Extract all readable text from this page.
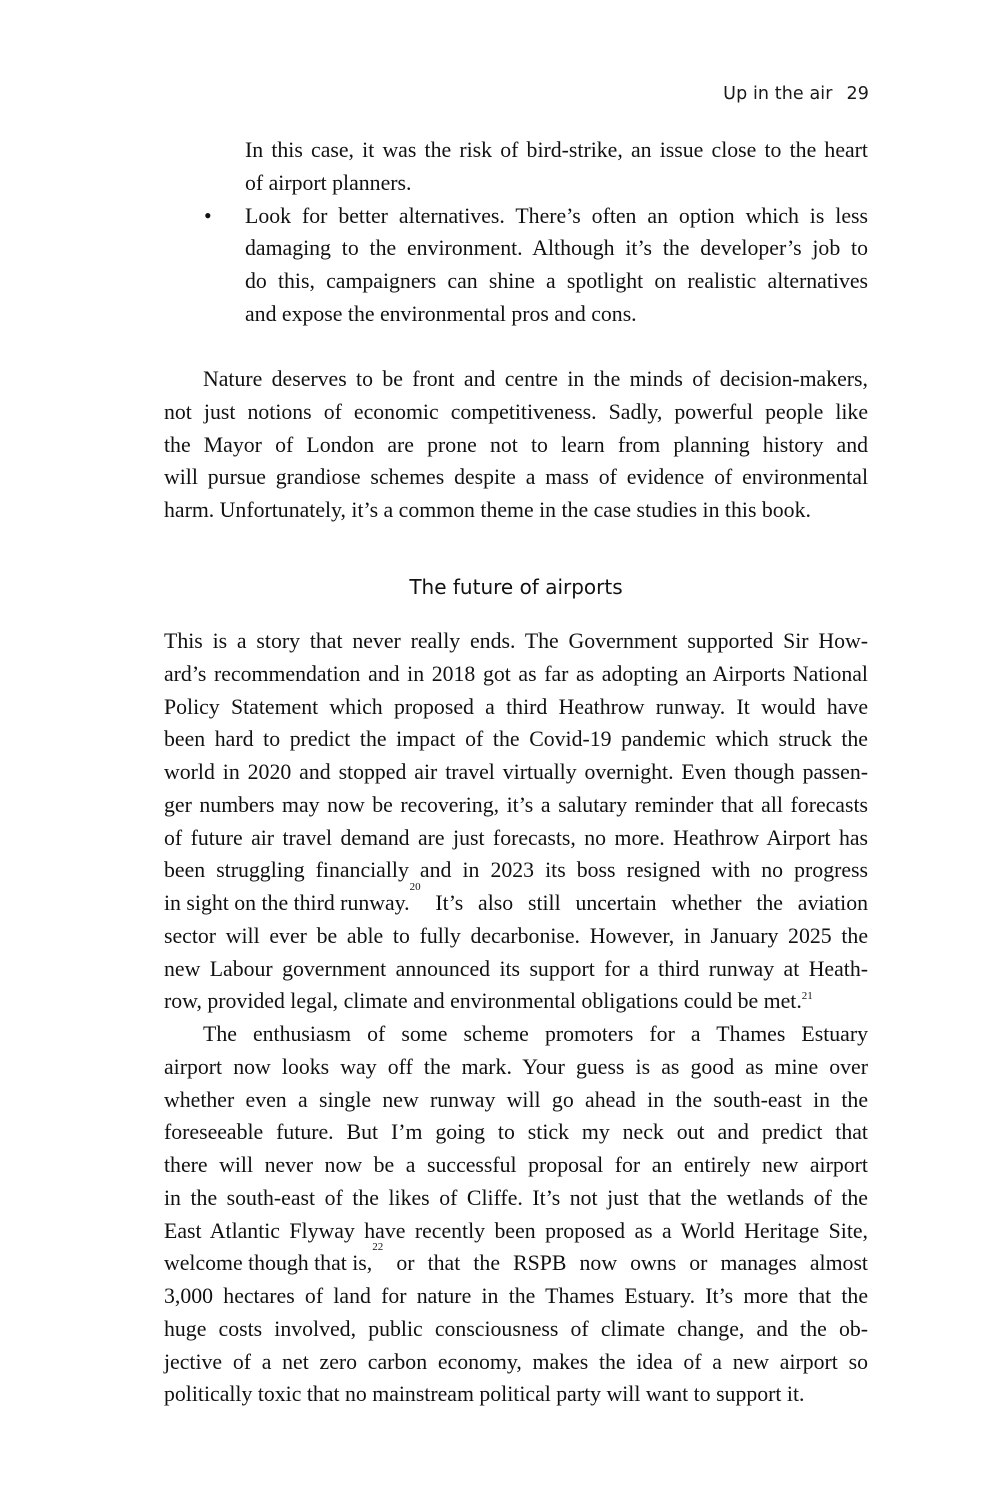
Up in the air 29
In this case, it was the risk of bird-strike, an issue close to the heart
of airport planners.
• Look for better alternatives. There’s often an option which is less
damaging to the environment. Although it’s the developer’s job to
do this, campaigners can shine a spotlight on realistic alternatives
and expose the environmental pros and cons.
Nature deserves to be front and centre in the minds of decision-makers,
not just notions of economic competitiveness. Sadly, powerful people like
the Mayor of London are prone not to learn from planning history and
will pursue grandiose schemes despite a mass of evidence of environmental
harm. Unfortunately, it’s a common theme in the case studies in this book.
This is a story that never really ends. The Government supported Sir How-
ard’s recommendation and in 2018 got as far as adopting an Airports National
Policy Statement which proposed a third Heathrow runway. It would have
been hard to predict the impact of the Covid-19 pandemic which struck the
world in 2020 and stopped air travel virtually overnight. Even though passen-
ger numbers may now be recovering, it’s a salutary reminder that all forecasts
of future air travel demand are just forecasts, no more. Heathrow Airport has
been struggling financially and in 2023 its boss resigned with no progress
in sight on the third runway.
20
It’s also still uncertain whether the aviation
sector will ever be able to fully decarbonise. However, in January 2025 the
new Labour government announced its support for a third runway at Heath-
row, provided legal, climate and environmental obligations could be met.$^{21}$
The enthusiasm of some scheme promoters for a Thames Estuary
airport now looks way off the mark. Your guess is as good as mine over
whether even a single new runway will go ahead in the south-east in the
foreseeable future. But I’m going to stick my neck out and predict that
there will never now be a successful proposal for an entirely new airport
in the south-east of the likes of Cliffe. It’s not just that the wetlands of the
East Atlantic Flyway have recently been proposed as a World Heritage Site,
welcome though that is,
22
or that the RSPB now owns or manages almost
3,000 hectares of land for nature in the Thames Estuary. It’s more that the
huge costs involved, public consciousness of climate change, and the ob-
jective of a net zero carbon economy, makes the idea of a new airport so
politically toxic that no mainstream political party will want to support it.
The future of airports
